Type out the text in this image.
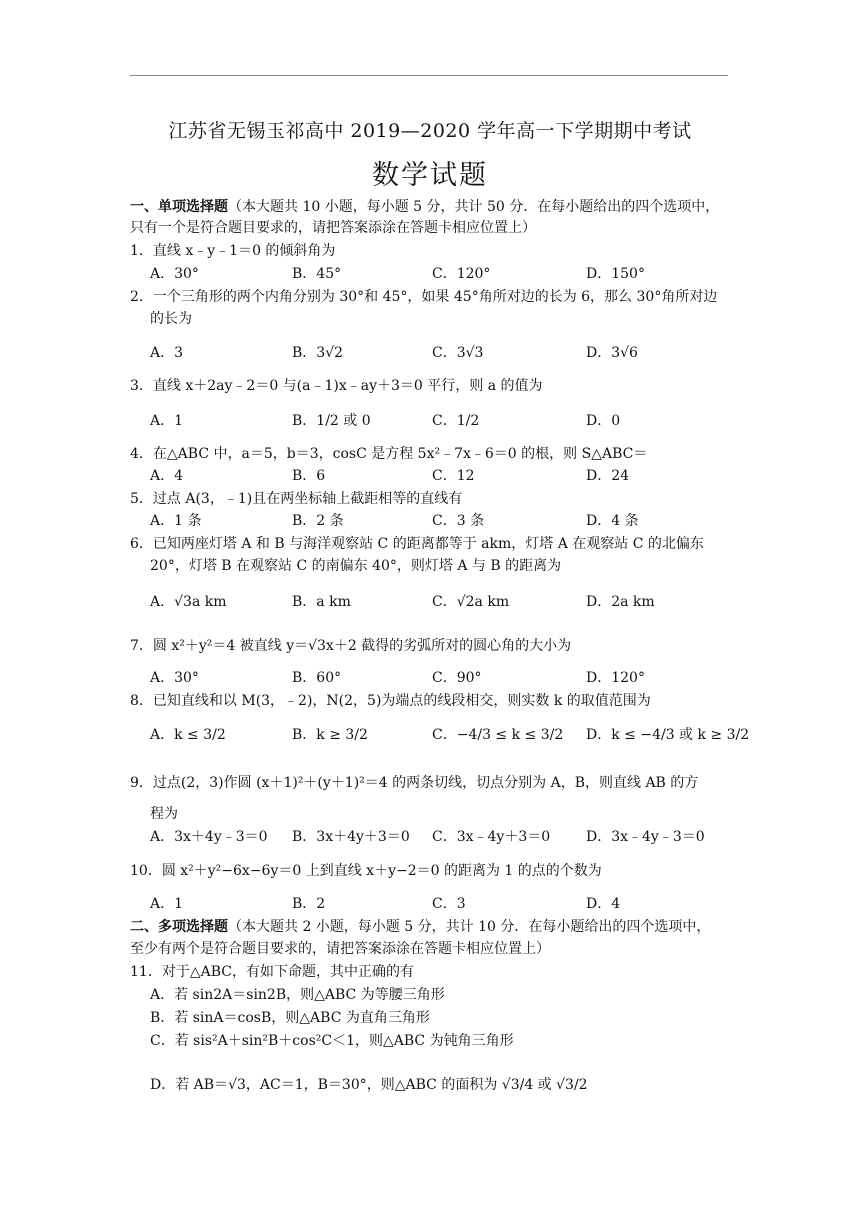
江苏省无锡玉祁高中 2019—2020 学年高一下学期期中考试
数学试题
一、单项选择题（本大题共 10 小题，每小题 5 分，共计 50 分．在每小题给出的四个选项中，
只有一个是符合题目要求的，请把答案添涂在答题卡相应位置上）
1．直线 x﹣y﹣1＝0 的倾斜角为
A．30°	B．45°	C．120°	D．150°
2．一个三角形的两个内角分别为 30°和 45°，如果 45°角所对边的长为 6，那么 30°角所对边
的长为
A．3	B．3√2	C．3√3	D．3√6
3．直线 x＋2ay﹣2＝0 与(a﹣1)x﹣ay＋3＝0 平行，则 a 的值为
A．1	B．1/2 或 0	C．1/2	D．0
4．在△ABC 中，a＝5，b＝3，cosC 是方程 5x²﹣7x﹣6＝0 的根，则 S△ABC＝
A．4	B．6	C．12	D．24
5．过点 A(3，﹣1)且在两坐标轴上截距相等的直线有
A．1 条	B．2 条	C．3 条	D．4 条
6．已知两座灯塔 A 和 B 与海洋观察站 C 的距离都等于 akm，灯塔 A 在观察站 C 的北偏东
20°，灯塔 B 在观察站 C 的南偏东 40°，则灯塔 A 与 B 的距离为
A．√3a km	B．a km	C．√2a km	D．2a km
7．圆 x²＋y²＝4 被直线 y＝√3x＋2 截得的劣弧所对的圆心角的大小为
A．30°	B．60°	C．90°	D．120°
8．已知直线和以 M(3，﹣2)，N(2，5)为端点的线段相交，则实数 k 的取值范围为
A．k ≤ 3/2	B．k ≥ 3/2	C．−4/3 ≤ k ≤ 3/2 D．k ≤ −4/3 或 k ≥ 3/2
9．过点(2，3)作圆 (x＋1)²＋(y＋1)²＝4 的两条切线，切点分别为 A，B，则直线 AB 的方
程为
A．3x＋4y﹣3＝0 B．3x＋4y＋3＝0 C．3x﹣4y＋3＝0	D．3x﹣4y﹣3＝0
10．圆 x²＋y²−6x−6y＝0 上到直线 x＋y−2＝0 的距离为 1 的点的个数为
A．1	B．2	C．3	D．4
二、多项选择题（本大题共 2 小题，每小题 5 分，共计 10 分．在每小题给出的四个选项中，
至少有两个是符合题目要求的，请把答案添涂在答题卡相应位置上）
11．对于△ABC，有如下命题，其中正确的有
A．若 sin2A＝sin2B，则△ABC 为等腰三角形
B．若 sinA＝cosB，则△ABC 为直角三角形
C．若 sis²A＋sin²B＋cos²C＜1，则△ABC 为钝角三角形
D．若 AB＝√3，AC＝1，B＝30°，则△ABC 的面积为 √3/4 或 √3/2
